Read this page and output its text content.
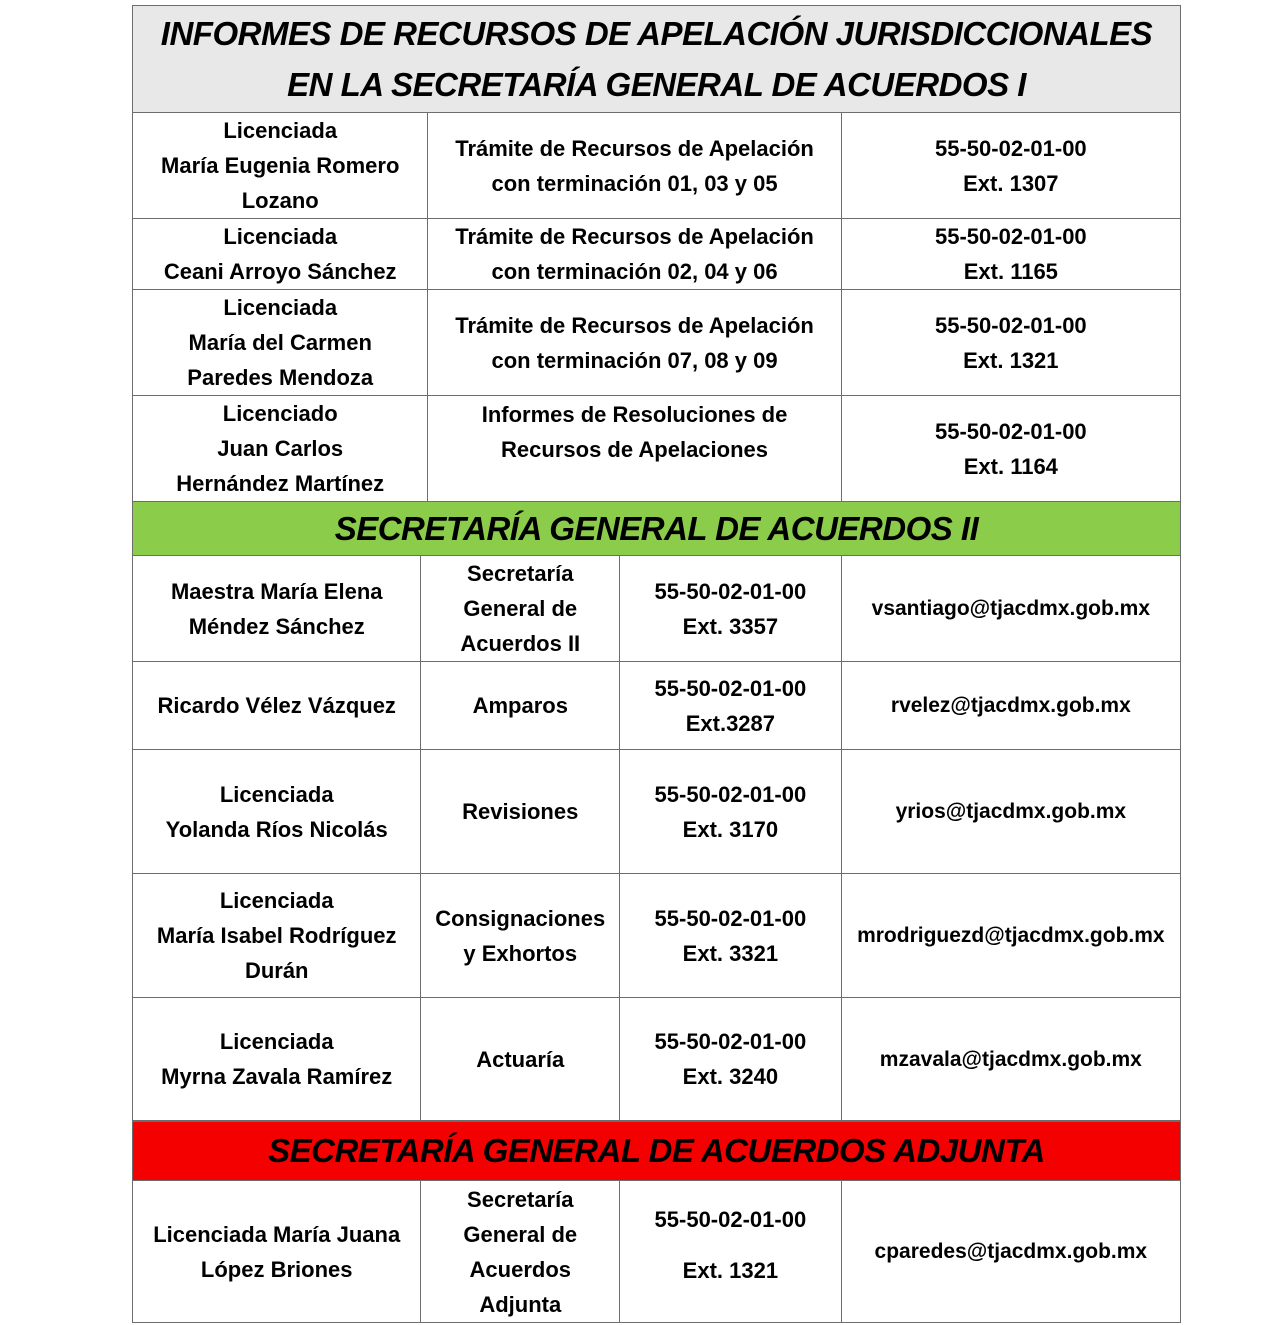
INFORMES DE RECURSOS DE APELACIÓN JURISDICCIONALES
EN LA SECRETARÍA GENERAL DE ACUERDOS I
Licenciada
María Eugenia Romero
Lozano
Trámite de Recursos de Apelación
con terminación 01, 03 y 05
55-50-02-01-00
Ext. 1307
Licenciada
Ceani Arroyo Sánchez
Trámite de Recursos de Apelación
con terminación 02, 04 y 06
55-50-02-01-00
Ext. 1165
Licenciada
María del Carmen
Paredes Mendoza
Trámite de Recursos de Apelación
con terminación 07, 08 y 09
55-50-02-01-00
Ext. 1321
Licenciado
Juan Carlos
Hernández Martínez
Informes de Resoluciones de
Recursos de Apelaciones
55-50-02-01-00
Ext. 1164
SECRETARÍA GENERAL DE ACUERDOS II
Maestra María Elena
Méndez Sánchez
Secretaría
General de
Acuerdos II
55-50-02-01-00
Ext. 3357
vsantiago@tjacdmx.gob.mx
Ricardo Vélez Vázquez	Amparos
55-50-02-01-00
Ext.3287
rvelez@tjacdmx.gob.mx
Licenciada
Yolanda Ríos Nicolás
Revisiones
55-50-02-01-00
Ext. 3170
yrios@tjacdmx.gob.mx
Licenciada
María Isabel Rodríguez
Durán
Consignaciones
y Exhortos
55-50-02-01-00
Ext. 3321
mrodriguezd@tjacdmx.gob.mx
Licenciada
Myrna Zavala Ramírez
Actuaría
55-50-02-01-00
Ext. 3240
mzavala@tjacdmx.gob.mx
SECRETARÍA GENERAL DE ACUERDOS ADJUNTA
Licenciada María Juana
López Briones
Secretaría
General de
Acuerdos
Adjunta
55-50-02-01-00
Ext. 1321
cparedes@tjacdmx.gob.mx
